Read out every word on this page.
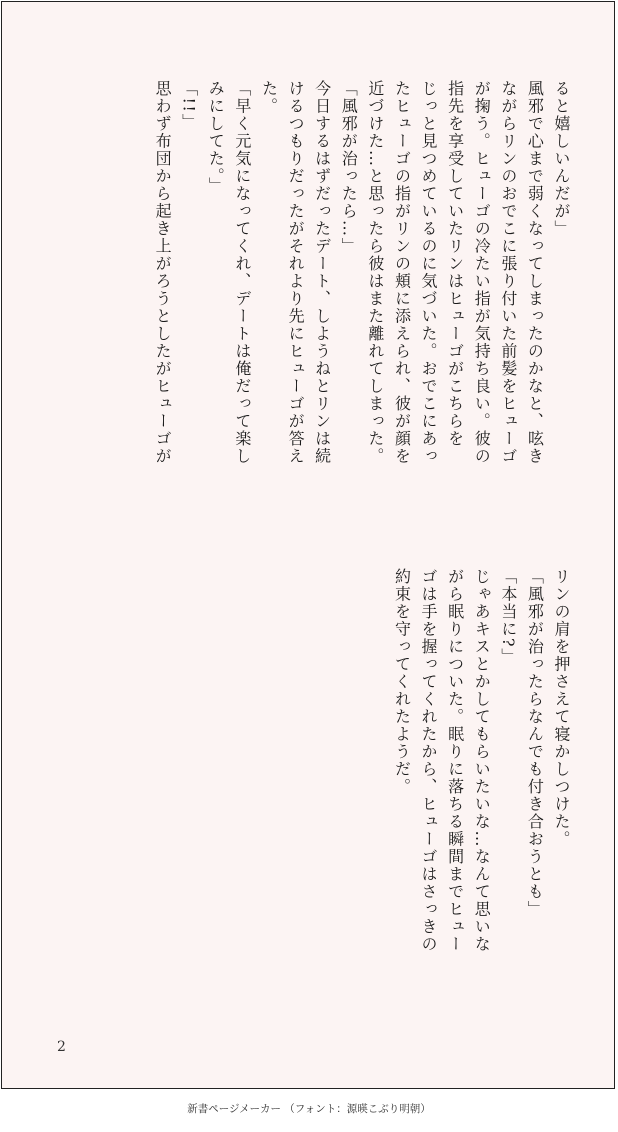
ると嬉しいんだが」
風邪で心まで弱くなってしまったのかなと、呟き
ながらリンのおでこに張り付いた前髪をヒューゴ
が掬う。ヒューゴの冷たい指が気持ち良い。彼の
指先を享受していたリンはヒューゴがこちらを
じっと見つめているのに気づいた。おでこにあっ
たヒューゴの指がリンの頬に添えられ、彼が顔を
近づけた…と思ったら彼はまた離れてしまった。
「風邪が治ったら…」
今日するはずだったデート、しようねとリンは続
けるつもりだったがそれより先にヒューゴが答え
た。
「早く元気になってくれ、デートは俺だって楽し
みにしてた。」
「!!」
思わず布団から起き上がろうとしたがヒューゴが
リンの肩を押さえて寝かしつけた。
「風邪が治ったらなんでも付き合おうとも」
「本当に?」
じゃあキスとかしてもらいたいな…なんて思いな
がら眠りについた。眠りに落ちる瞬間までヒュー
ゴは手を握ってくれたから、ヒューゴはさっきの
約束を守ってくれたようだ。
2
新書ページメーカー （フォント：源暎こぶり明朝）
